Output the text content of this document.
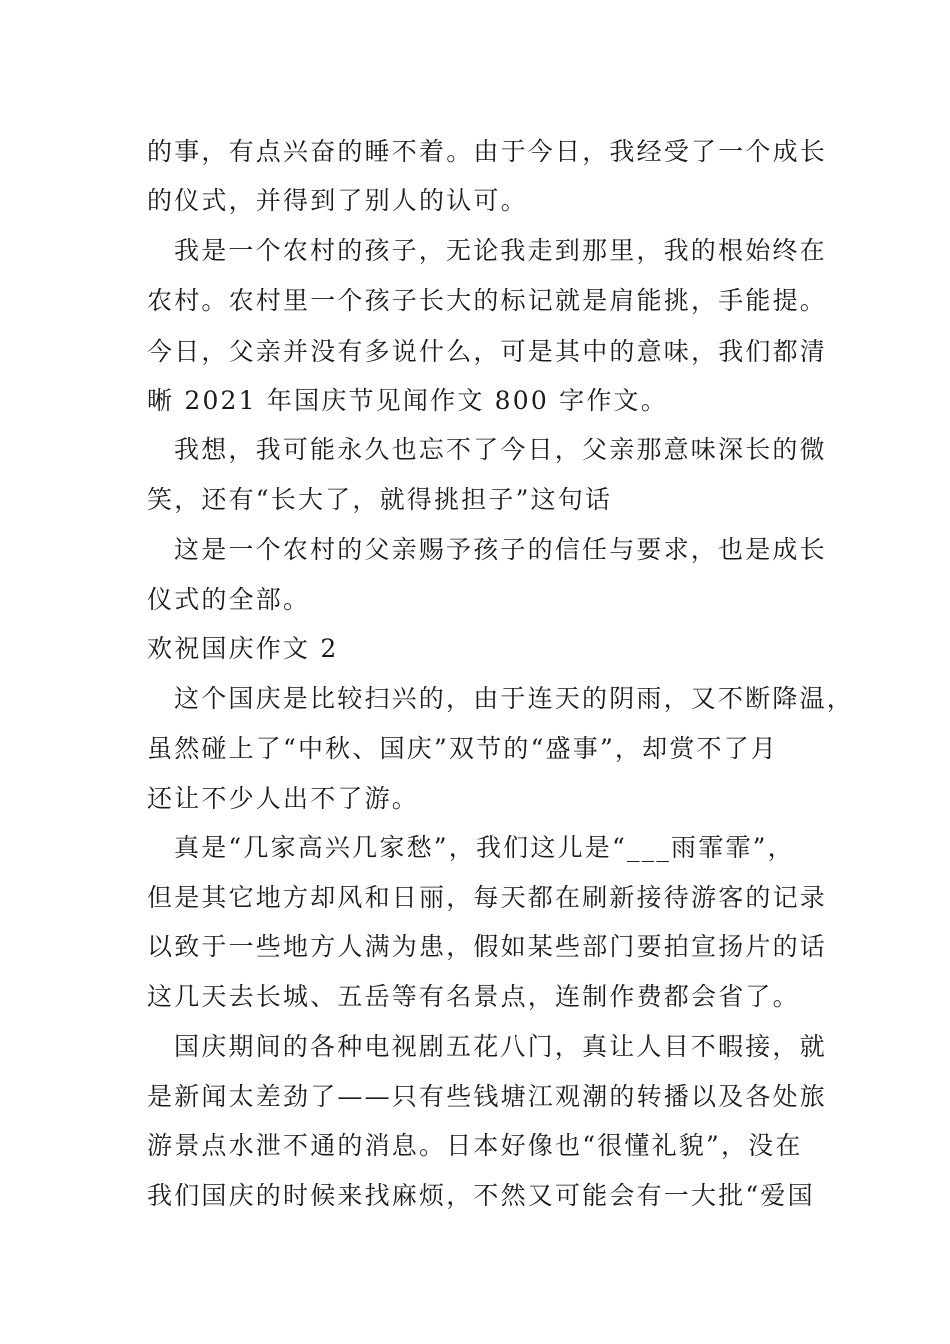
的事，有点兴奋的睡不着。由于今日，我经受了一个成长
的仪式，并得到了别人的认可。
我是一个农村的孩子，无论我走到那里，我的根始终在
农村。农村里一个孩子长大的标记就是肩能挑，手能提。
今日，父亲并没有多说什么，可是其中的意味，我们都清
晰 2021 年国庆节见闻作文 800 字作文。
我想，我可能永久也忘不了今日，父亲那意味深长的微
笑，还有“长大了，就得挑担子”这句话
这是一个农村的父亲赐予孩子的信任与要求，也是成长
仪式的全部。
欢祝国庆作文 2
这个国庆是比较扫兴的，由于连天的阴雨，又不断降温，
虽然碰上了“中秋、国庆”双节的“盛事”，却赏不了月
还让不少人出不了游。
真是“几家高兴几家愁”，我们这儿是“___雨霏霏”，
但是其它地方却风和日丽，每天都在刷新接待游客的记录
以致于一些地方人满为患，假如某些部门要拍宣扬片的话
这几天去长城、五岳等有名景点，连制作费都会省了。
国庆期间的各种电视剧五花八门，真让人目不暇接，就
是新闻太差劲了——只有些钱塘江观潮的转播以及各处旅
游景点水泄不通的消息。日本好像也“很懂礼貌”，没在
我们国庆的时候来找麻烦，不然又可能会有一大批“爱国
